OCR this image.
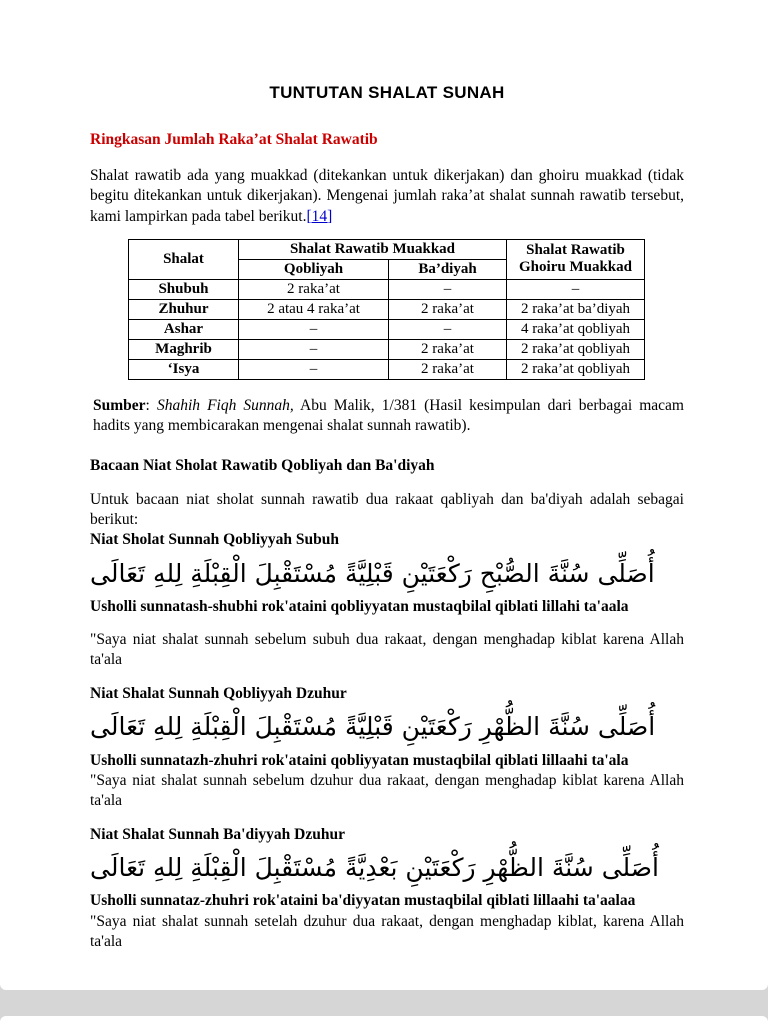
TUNTUTAN SHALAT SUNAH
Ringkasan Jumlah Raka’at Shalat Rawatib

Shalat rawatib ada yang muakkad (ditekankan untuk dikerjakan) dan ghoiru muakkad (tidak begitu ditekankan untuk dikerjakan). Mengenai jumlah raka’at shalat sunnah rawatib tersebut, kami lampirkan pada tabel berikut.[14]

Shalat	Shalat Rawatib Muakkad		Shalat Rawatib Ghoiru Muakkad
	Qobliyah	Ba’diyah	
Shubuh	2 raka’at	–	–
Zhuhur	2 atau 4 raka’at	2 raka’at	2 raka’at ba’diyah
Ashar	–	–	4 raka’at qobliyah
Maghrib	–	2 raka’at	2 raka’at qobliyah
‘Isya	–	2 raka’at	2 raka’at qobliyah

Sumber: Shahih Fiqh Sunnah, Abu Malik, 1/381 (Hasil kesimpulan dari berbagai macam hadits yang membicarakan mengenai shalat sunnah rawatib).

Bacaan Niat Sholat Rawatib Qobliyah dan Ba'diyah

Untuk bacaan niat sholat sunnah rawatib dua rakaat qabliyah dan ba'diyah adalah sebagai berikut:

Niat Sholat Sunnah Qobliyyah Subuh
أُصَلِّى سُنَّةَ الصُّبْحِ رَكْعَتَيْنِ قَبْلِيَّةً مُسْتَقْبِلَ الْقِبْلَةِ لِلهِ تَعَالَى

Usholli sunnatash-shubhi rok'ataini qobliyyatan mustaqbilal qiblati lillahi ta'aala

"Saya niat shalat sunnah sebelum subuh dua rakaat, dengan menghadap kiblat karena Allah ta'ala

Niat Shalat Sunnah Qobliyyah Dzuhur
أُصَلِّى سُنَّةَ الظُّهْرِ رَكْعَتَيْنِ قَبْلِيَّةً مُسْتَقْبِلَ الْقِبْلَةِ لِلهِ تَعَالَى

Usholli sunnatazh-zhuhri rok'ataini qobliyyatan mustaqbilal qiblati lillaahi ta'ala

"Saya niat shalat sunnah sebelum dzuhur dua rakaat, dengan menghadap kiblat karena Allah ta'ala

Niat Shalat Sunnah Ba'diyyah Dzuhur
أُصَلِّى سُنَّةَ الظُّهْرِ رَكْعَتَيْنِ بَعْدِيَّةً مُسْتَقْبِلَ الْقِبْلَةِ لِلهِ تَعَالَى

Usholli sunnataz-zhuhri rok'ataini ba'diyyatan mustaqbilal qiblati lillaahi ta'aalaa

"Saya niat shalat sunnah setelah dzuhur dua rakaat, dengan menghadap kiblat, karena Allah ta'ala
